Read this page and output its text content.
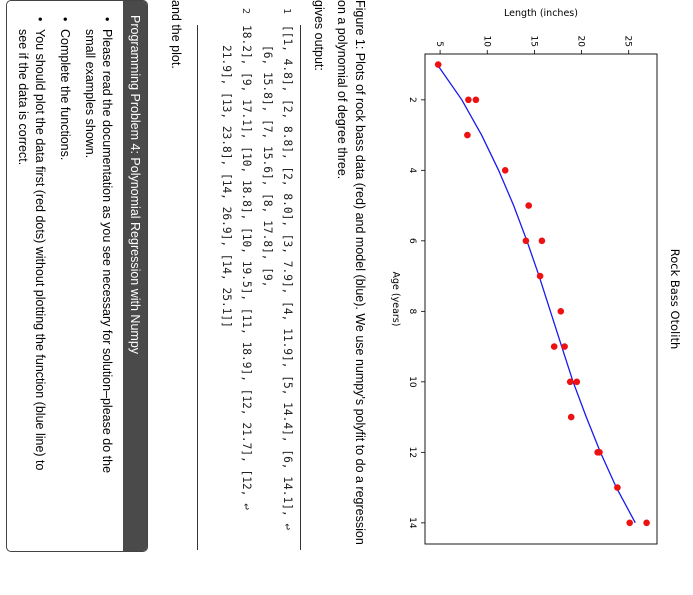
2
4
6
8
10
12
14
5	10	15	20	25
Rock Bass Otolith
Age (years)
Length (inches)
Figure 1: Plots of rock bass data (red) and model (blue). We use numpy's polyfit to do a regression on a polynomial of degree three.
gives output:
1
[[1, 4.8], [2, 8.8], [2, 8.0], [3, 7.9], [4, 11.9], [5, 14.4], [6, 14.1], ↩
[6, 15.8], [7, 15.6], [8, 17.8], [9,
2
18.2], [9, 17.1], [10, 18.8], [10, 19.5], [11, 18.9], [12, 21.7], [12, ↩
21.9], [13, 23.8], [14, 26.9], [14, 25.1]]
and the plot.
Programming Problem 4: Polynomial Regression with Numpy
•
Please read the documentation as you see necessary for solution–please do the
small examples shown.
•
Complete the functions.
•
You should plot the data first (red dots) without plotting the function (blue line) to
see if the data is correct.
